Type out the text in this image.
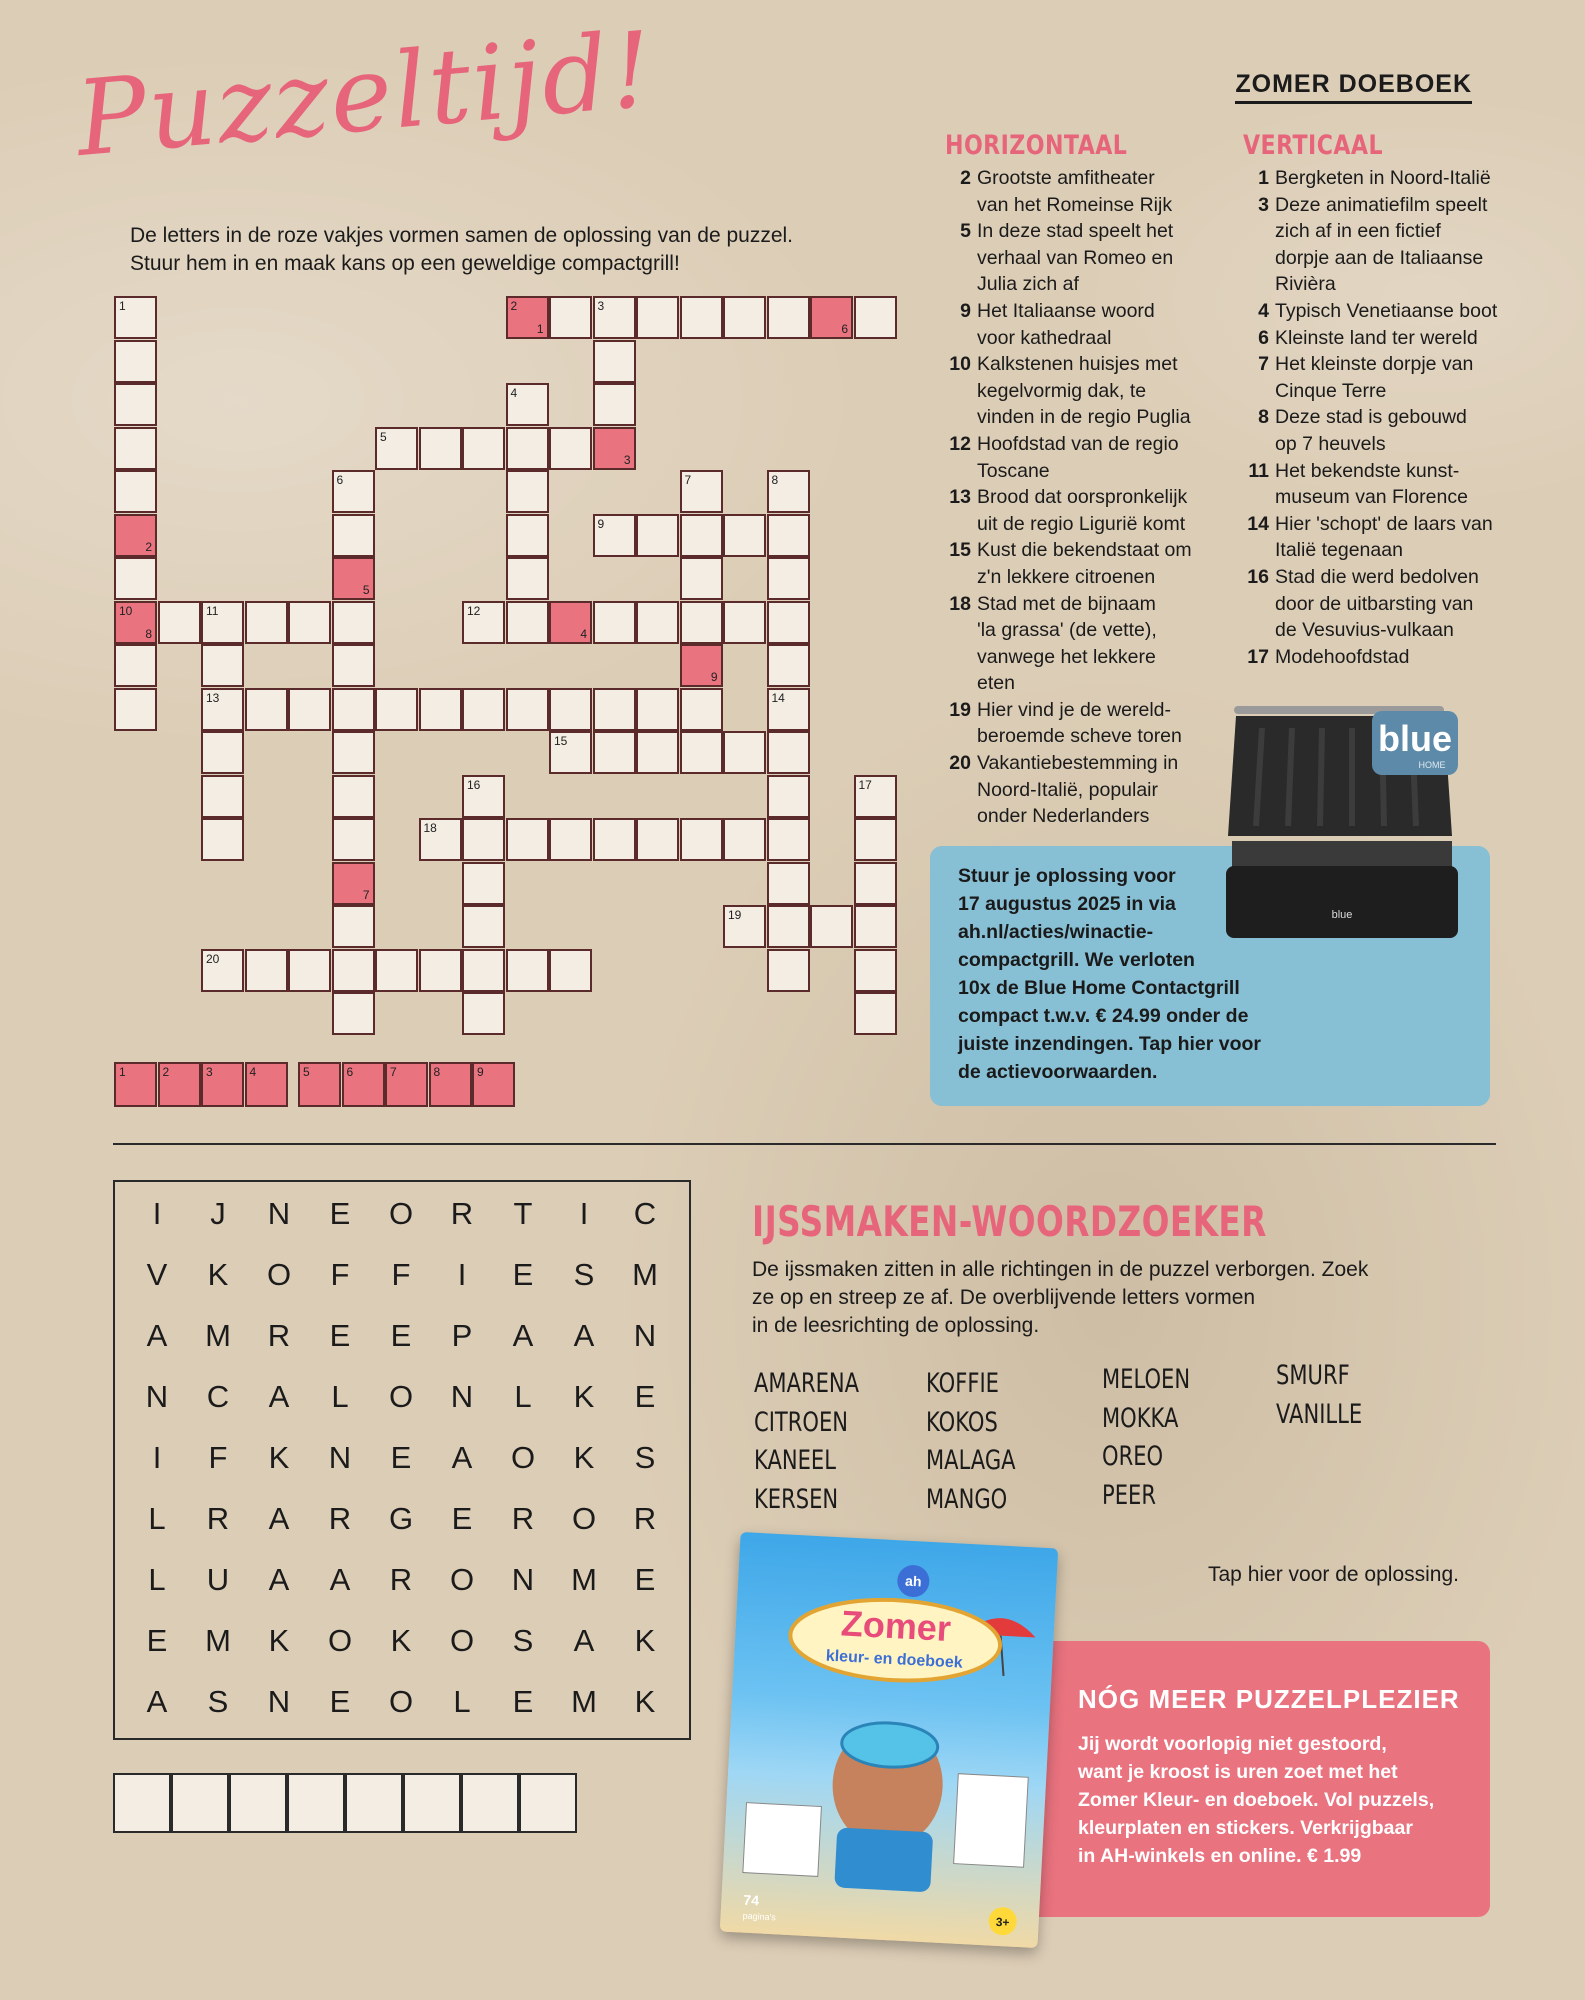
ZOMER DOEBOEK
Puzzeltijd!
De letters in de roze vakjes vormen samen de oplossing van de puzzel.
Stuur hem in en maak kans op een geweldige compactgrill!
1
2
10
8
2
1
3
6
3
4
5
6
5
7
7
9
8
9
11
13
12
4
14
15
16	17
18
19
20
1	2	3	4	5	6	7	8	9
HORIZONTAAL
2 Grootste amfitheater
van het Romeinse Rijk
5 In deze stad speelt het
verhaal van Romeo en
Julia zich af
9 Het Italiaanse woord
voor kathedraal
10 Kalkstenen huisjes met
kegelvormig dak, te
vinden in de regio Puglia
12 Hoofdstad van de regio
Toscane
13 Brood dat oorspronkelijk
uit de regio Ligurië komt
15 Kust die bekendstaat om
z'n lekkere citroenen
18 Stad met de bijnaam
'la grassa' (de vette),
vanwege het lekkere
eten
19 Hier vind je de wereld-
beroemde scheve toren
20 Vakantiebestemming in
Noord-Italië, populair
onder Nederlanders
VERTICAAL
1 Bergketen in Noord-Italië
3 Deze animatiefilm speelt
zich af in een fictief
dorpje aan de Italiaanse
Rivièra
4 Typisch Venetiaanse boot
6 Kleinste land ter wereld
7 Het kleinste dorpje van
Cinque Terre
8 Deze stad is gebouwd
op 7 heuvels
11 Het bekendste kunst-
museum van Florence
14 Hier 'schopt' de laars van
Italië tegenaan
16 Stad die werd bedolven
door de uitbarsting van
de Vesuvius-vulkaan
17 Modehoofdstad
Stuur je oplossing voor
17 augustus 2025 in via
ah.nl/acties/winactie-
compactgrill. We verloten
10x de Blue Home Contactgrill
compact t.w.v. € 24.99 onder de
juiste inzendingen. Tap hier voor
de actievoorwaarden.
blue
blue
HOME
I	J	N	E	O	R	T	I	C
V	K	O	F	F	I	E	S	M
A	M	R	E	E	P	A	A	N
N	C	A	L	O	N	L	K	E
I	F	K	N	E	A	O	K	S
L	R	A	R	G	E	R	O	R
L	U	A	A	R	O	N	M	E
E	M	K	O	K	O	S	A	K
A	S	N	E	O	L	E	M	K
IJSSMAKEN-WOORDZOEKER
De ijssmaken zitten in alle richtingen in de puzzel verborgen. Zoek
ze op en streep ze af. De overblijvende letters vormen
in de leesrichting de oplossing.
AMARENA
CITROEN
KANEEL
KERSEN
KOFFIE
KOKOS
MALAGA
MANGO
MELOEN
MOKKA
OREO
PEER
SMURF
VANILLE
Tap hier voor de oplossing.
NÓG MEER PUZZELPLEZIER
Jij wordt voorlopig niet gestoord,
want je kroost is uren zoet met het
Zomer Kleur- en doeboek. Vol puzzels,
kleurplaten en stickers. Verkrijgbaar
in AH-winkels en online. € 1.99
ah
Zomer
kleur- en doeboek
74
pagina's	3+
